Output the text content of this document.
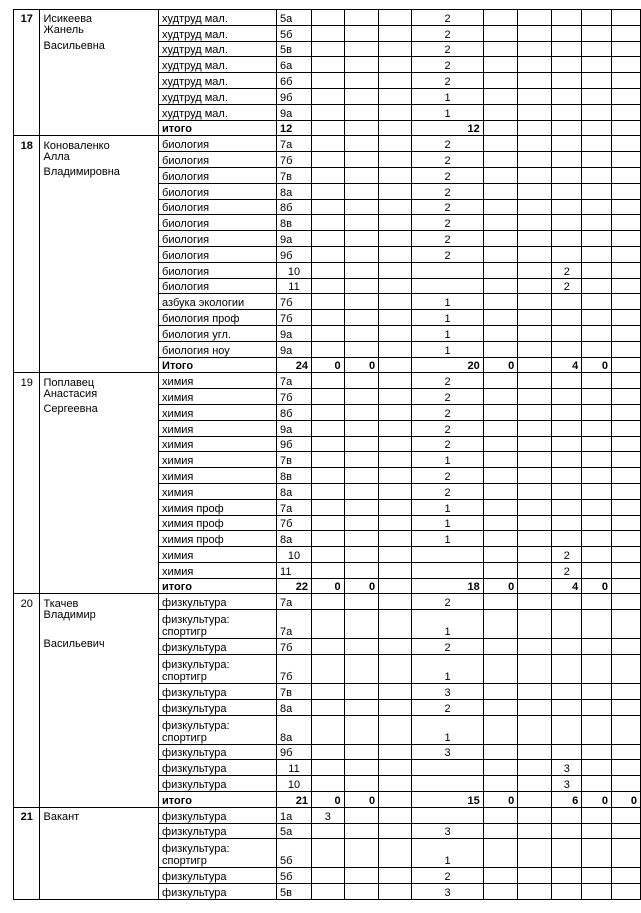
17	Исикеева	худтруд мал.	5а				2					
	Жанель	худтруд мал.	5б				2					
	Васильевна	худтруд мал.	5в				2					
		худтруд мал.	6а				2					
		худтруд мал.	6б				2					
		худтруд мал.	9б				1					
		худтруд мал.	9а				1					
		итого	12				12					
18	Коноваленко	биология	7а				2					
	Алла	биология	7б				2					
	Владимировна	биология	7в				2					
		биология	8а				2					
		биология	8б				2					
		биология	8в				2					
		биология	9а				2					
		биология	9б				2					
		биология	10							2		
		биология	11							2		
		азбука экологии	7б				1					
		биология проф	7б				1					
		биология угл.	9а				1					
		биология ноу	9а				1					
		Итого	24	0	0		20	0		4	0	
19	Поплавец	химия	7а				2					
	Анастасия	химия	7б				2					
	Сергеевна	химия	8б				2					
		химия	9а				2					
		химия	9б				2					
		химия	7в				1					
		химия	8в				2					
		химия	8а				2					
		химия проф	7а				1					
		химия проф	7б				1					
		химия проф	8а				1					
		химия	10							2		
		химия	11							2		
		итого	22	0	0		18	0		4	0	
20	Ткачев	физкультура	7а				2					
	Владимир	физкультура: спортигр	7а				1					
	Васильевич	физкультура	7б				2					
		физкультура: спортигр	7б				1					
		физкультура	7в				3					
		физкультура	8а				2					
		физкультура: спортигр	8а				1					
		физкультура	9б				3					
		физкультура	11							3		
		физкультура	10							3		
		итого	21	0	0		15	0		6	0	0
21	Вакант	физкультура	1а	3								
		физкультура	5а				3					
		физкультура: спортигр	5б				1					
		физкультура	5б				2					
		физкультура	5в				3					
